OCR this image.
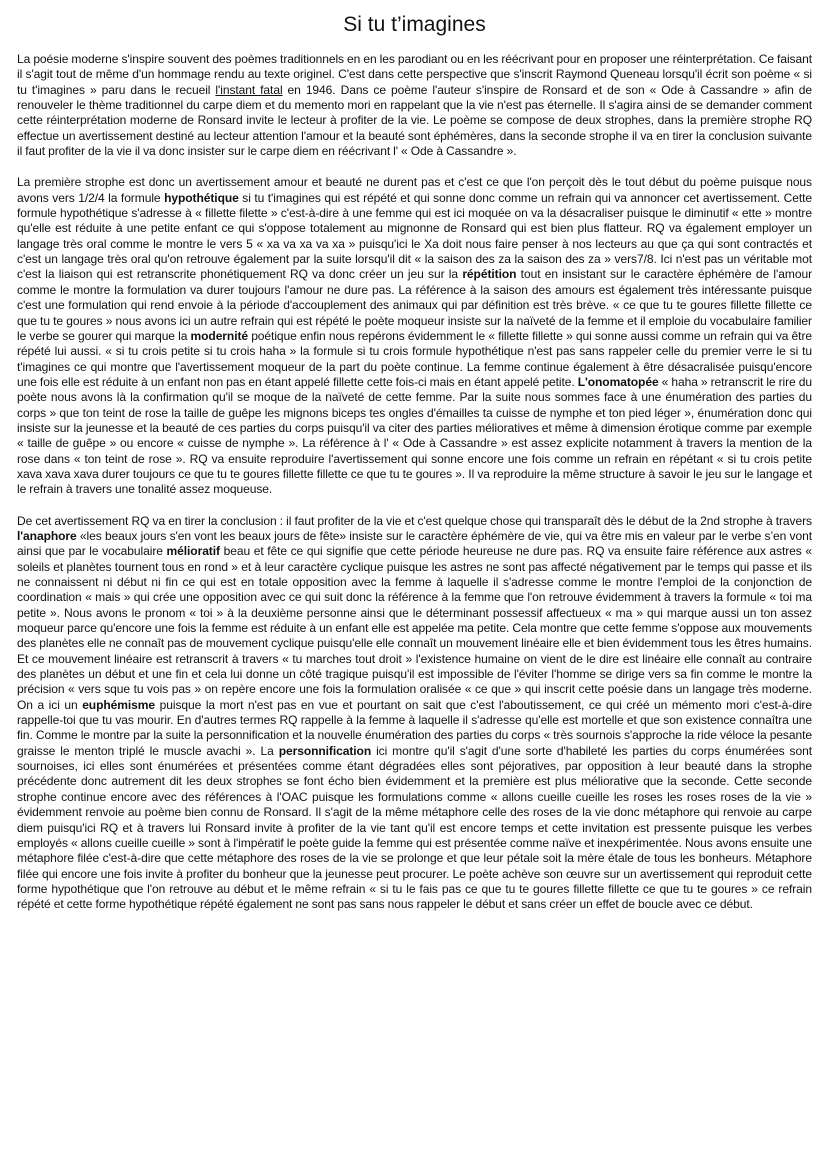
Si tu t’imagines

La poésie moderne s'inspire souvent des poèmes traditionnels en en les parodiant ou en les réécrivant pour en proposer une réinterprétation. Ce faisant il s'agit tout de même d'un hommage rendu au texte originel. C'est dans cette perspective que s'inscrit Raymond Queneau lorsqu'il écrit son poème « si tu t'imagines » paru dans le recueil l'instant fatal en 1946. Dans ce poème l'auteur s'inspire de Ronsard et de son « Ode à Cassandre » afin de renouveler le thème traditionnel du carpe diem et du memento mori en rappelant que la vie n'est pas éternelle. Il s'agira ainsi de se demander comment cette réinterprétation moderne de Ronsard invite le lecteur à profiter de la vie. Le poème se compose de deux strophes, dans la première strophe RQ effectue un avertissement destiné au lecteur attention l'amour et la beauté sont éphémères, dans la seconde strophe il va en tirer la conclusion suivante il faut profiter de la vie il va donc insister sur le carpe diem en réécrivant l' « Ode à Cassandre ».

La première strophe est donc un avertissement amour et beauté ne durent pas et c'est ce que l'on perçoit dès le tout début du poème puisque nous avons vers 1/2/4 la formule hypothétique si tu t'imagines qui est répété et qui sonne donc comme un refrain qui va annoncer cet avertissement. Cette formule hypothétique s'adresse à « fillette filette » c'est-à-dire à une femme qui est ici moquée on va la désacraliser puisque le diminutif « ette » montre qu'elle est réduite à une petite enfant ce qui s'oppose totalement au mignonne de Ronsard qui est bien plus flatteur. RQ va également employer un langage très oral comme le montre le vers 5 « xa va xa va xa » puisqu'ici le Xa doit nous faire penser à nos lecteurs au que ça qui sont contractés et c'est un langage très oral qu'on retrouve également par la suite lorsqu'il dit « la saison des za la saison des za » vers7/8. Ici n'est pas un véritable mot c'est la liaison qui est retranscrite phonétiquement RQ va donc créer un jeu sur la répétition tout en insistant sur le caractère éphémère de l'amour comme le montre la formulation va durer toujours l'amour ne dure pas. La référence à la saison des amours est également très intéressante puisque c'est une formulation qui rend envoie à la période d'accouplement des animaux qui par définition est très brève. « ce que tu te goures fillette fillette ce que tu te goures » nous avons ici un autre refrain qui est répété le poète moqueur insiste sur la naïveté de la femme et il emploie du vocabulaire familier le verbe se gourer qui marque la modernité poétique enfin nous repérons évidemment le « fillette fillette » qui sonne aussi comme un refrain qui va être répété lui aussi. « si tu crois petite si tu crois haha » la formule si tu crois formule hypothétique n'est pas sans rappeler celle du premier verre le si tu t'imagines ce qui montre que l'avertissement moqueur de la part du poète continue. La femme continue également à être désacralisée puisqu'encore une fois elle est réduite à un enfant non pas en étant appelé fillette cette fois-ci mais en étant appelé petite. L'onomatopée « haha » retranscrit le rire du poète nous avons là la confirmation qu'il se moque de la naïveté de cette femme. Par la suite nous sommes face à une énumération des parties du corps » que ton teint de rose la taille de guêpe les mignons biceps tes ongles d'émailles ta cuisse de nymphe et ton pied léger », énumération donc qui insiste sur la jeunesse et la beauté de ces parties du corps puisqu'il va citer des parties mélioratives et même à dimension érotique comme par exemple « taille de guêpe » ou encore « cuisse de nymphe ». La référence à l' « Ode à Cassandre » est assez explicite notamment à travers la mention de la rose dans « ton teint de rose ». RQ va ensuite reproduire l'avertissement qui sonne encore une fois comme un refrain en répétant « si tu crois petite xava xava xava durer toujours ce que tu te goures fillette fillette ce que tu te goures ». Il va reproduire la même structure à savoir le jeu sur le langage et le refrain à travers une tonalité assez moqueuse.

De cet avertissement RQ va en tirer la conclusion : il faut profiter de la vie et c'est quelque chose qui transparaît dès le début de la 2nd strophe à travers l'anaphore «les beaux jours s'en vont les beaux jours de fête» insiste sur le caractère éphémère de vie, qui va être mis en valeur par le verbe s’en vont ainsi que par le vocabulaire mélioratif beau et fête ce qui signifie que cette période heureuse ne dure pas. RQ va ensuite faire référence aux astres « soleils et planètes tournent tous en rond » et à leur caractère cyclique puisque les astres ne sont pas affecté négativement par le temps qui passe et ils ne connaissent ni début ni fin ce qui est en totale opposition avec la femme à laquelle il s'adresse comme le montre l'emploi de la conjonction de coordination « mais » qui crée une opposition avec ce qui suit donc la référence à la femme que l'on retrouve évidemment à travers la formule « toi ma petite ». Nous avons le pronom « toi » à la deuxième personne ainsi que le déterminant possessif affectueux « ma » qui marque aussi un ton assez moqueur parce qu'encore une fois la femme est réduite à un enfant elle est appelée ma petite. Cela montre que cette femme s'oppose aux mouvements des planètes elle ne connaît pas de mouvement cyclique puisqu'elle elle connaît un mouvement linéaire elle et bien évidemment tous les êtres humains. Et ce mouvement linéaire est retranscrit à travers « tu marches tout droit » l'existence humaine on vient de le dire est linéaire elle connaît au contraire des planètes un début et une fin et cela lui donne un côté tragique puisqu'il est impossible de l'éviter l'homme se dirige vers sa fin comme le montre la précision « vers sque tu vois pas » on repère encore une fois la formulation oralisée « ce que » qui inscrit cette poésie dans un langage très moderne. On a ici un euphémisme puisque la mort n'est pas en vue et pourtant on sait que c'est l'aboutissement, ce qui créé un mémento mori c'est-à-dire rappelle-toi que tu vas mourir. En d'autres termes RQ rappelle à la femme à laquelle il s'adresse qu'elle est mortelle et que son existence connaîtra une fin. Comme le montre par la suite la personnification et la nouvelle énumération des parties du corps « très sournois s'approche la ride véloce la pesante graisse le menton triplé le muscle avachi ». La personnification ici montre qu'il s'agit d'une sorte d'habileté les parties du corps énumérées sont sournoises, ici elles sont énumérées et présentées comme étant dégradées elles sont péjoratives, par opposition à leur beauté dans la strophe précédente donc autrement dit les deux strophes se font écho bien évidemment et la première est plus méliorative que la seconde. Cette seconde strophe continue encore avec des références à l'OAC puisque les formulations comme « allons cueille cueille les roses les roses roses de la vie » évidemment renvoie au poème bien connu de Ronsard. Il s'agit de la même métaphore celle des roses de la vie donc métaphore qui renvoie au carpe diem puisqu'ici RQ et à travers lui Ronsard invite à profiter de la vie tant qu'il est encore temps et cette invitation est pressente puisque les verbes employés « allons cueille cueille » sont à l'impératif le poète guide la femme qui est présentée comme naïve et inexpérimentée. Nous avons ensuite une métaphore filée c'est-à-dire que cette métaphore des roses de la vie se prolonge et que leur pétale soit la mère étale de tous les bonheurs. Métaphore filée qui encore une fois invite à profiter du bonheur que la jeunesse peut procurer. Le poète achève son œuvre sur un avertissement qui reproduit cette forme hypothétique que l'on retrouve au début et le même refrain « si tu le fais pas ce que tu te goures fillette fillette ce que tu te goures » ce refrain répété et cette forme hypothétique répété également ne sont pas sans nous rappeler le début et sans créer un effet de boucle avec ce début.
